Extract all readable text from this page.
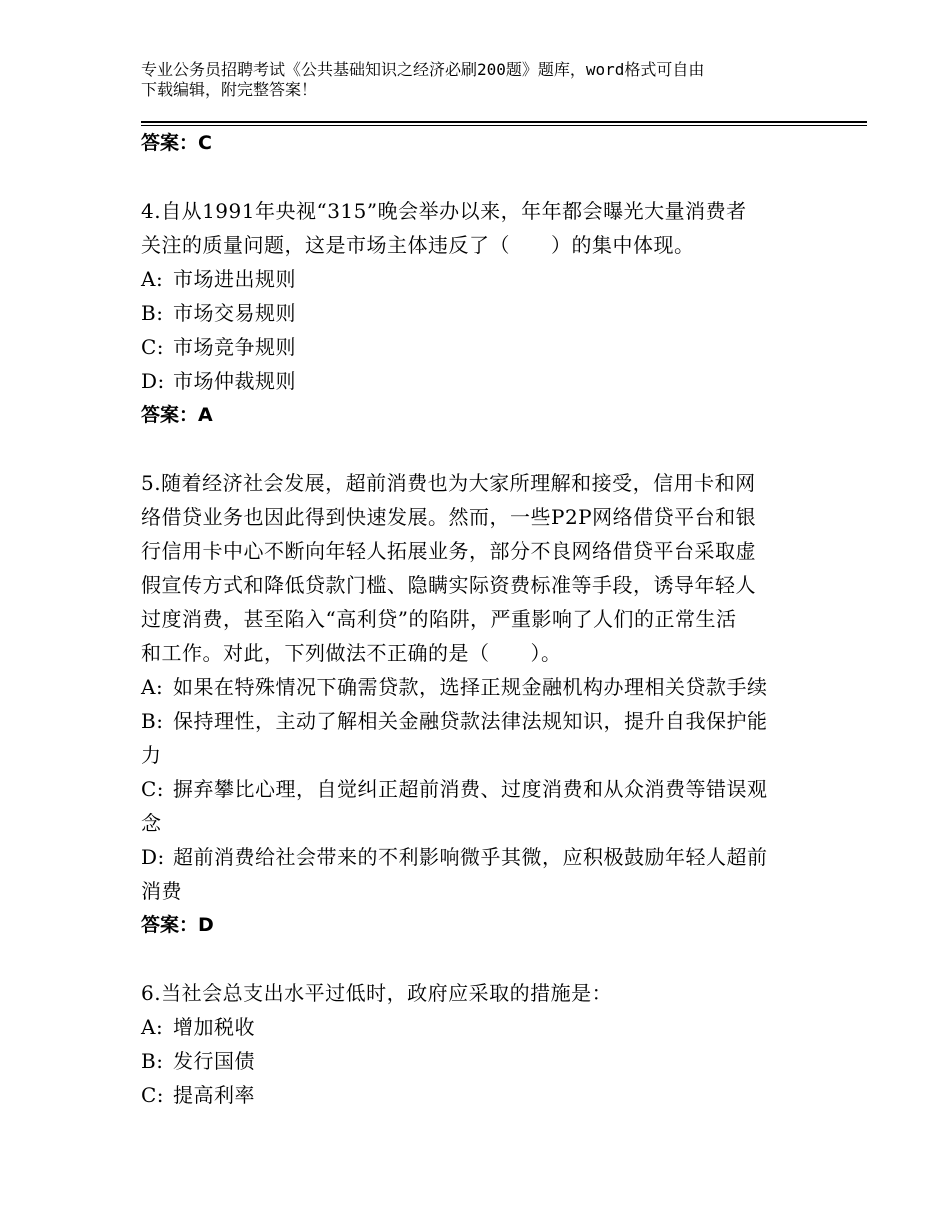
专业公务员招聘考试《公共基础知识之经济必刷200题》题库，word格式可自由
下载编辑，附完整答案！
答案：C
4.自从1991年央视“315”晚会举办以来，年年都会曝光大量消费者
关注的质量问题，这是市场主体违反了（　　）的集中体现。
A: 市场进出规则
B: 市场交易规则
C: 市场竞争规则
D: 市场仲裁规则
答案：A
5.随着经济社会发展，超前消费也为大家所理解和接受，信用卡和网
络借贷业务也因此得到快速发展。然而，一些P2P网络借贷平台和银
行信用卡中心不断向年轻人拓展业务，部分不良网络借贷平台采取虚
假宣传方式和降低贷款门槛、隐瞒实际资费标准等手段，诱导年轻人
过度消费，甚至陷入“高利贷”的陷阱，严重影响了人们的正常生活
和工作。对此，下列做法不正确的是（　　）。
A: 如果在特殊情况下确需贷款，选择正规金融机构办理相关贷款手续
B: 保持理性，主动了解相关金融贷款法律法规知识，提升自我保护能
力
C: 摒弃攀比心理，自觉纠正超前消费、过度消费和从众消费等错误观
念
D: 超前消费给社会带来的不利影响微乎其微，应积极鼓励年轻人超前
消费
答案：D
6.当社会总支出水平过低时，政府应采取的措施是：
A: 增加税收
B: 发行国债
C: 提高利率
